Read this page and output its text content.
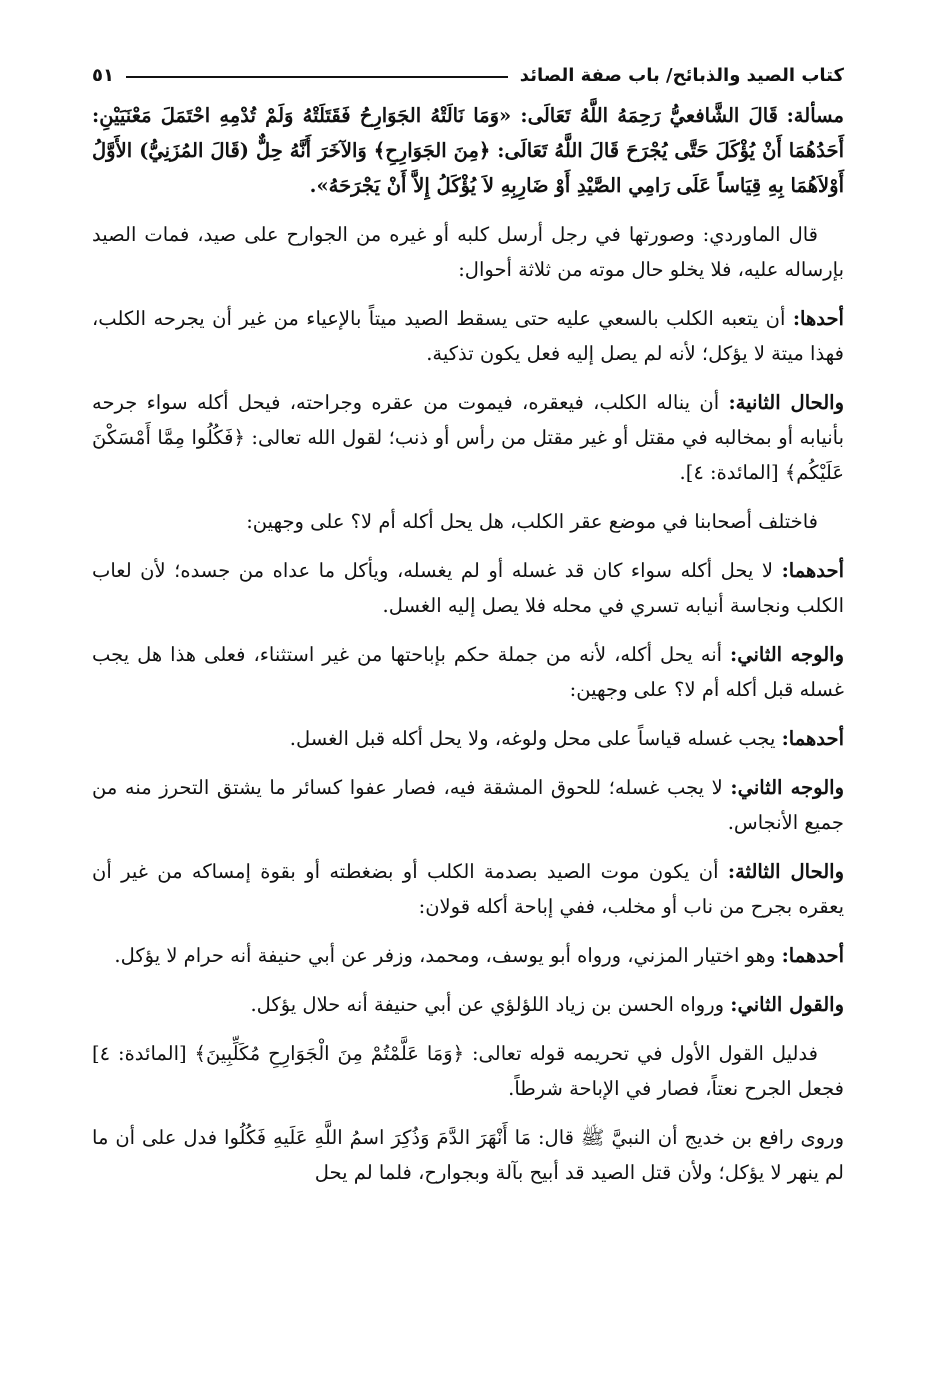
كتاب الصيد والذبائح/ باب صفة الصائد
٥١

مسألة: قَالَ الشَّافعيُّ رَحِمَهُ اللَّهُ تَعَالَى: «وَمَا نَالَتْهُ الجَوَارِحُ فَقَتَلَتْهُ وَلَمْ تُدْمِهِ احْتَمَلَ مَعْنَيَيْنِ: أَحَدُهُمَا أَنْ يُؤْكَلَ حَتَّى يُجْرَحَ قَالَ اللَّهُ تَعَالَى: ﴿مِنَ الجَوَارِحِ﴾ وَالآخَرَ أَنَّهُ حِلٌّ (قَالَ المُزَنِيُّ) الأَوَّلُ أَوْلاَهُمَا بِهِ قِيَاساً عَلَى رَامِي الصَّيْدِ أَوْ ضَارِبِهِ لاَ يُؤْكَلُ إِلاَّ أَنْ يَجْرَحَهُ».

قال الماوردي: وصورتها في رجل أرسل كلبه أو غيره من الجوارح على صيد، فمات الصيد بإرساله عليه، فلا يخلو حال موته من ثلاثة أحوال:

أحدها: أن يتعبه الكلب بالسعي عليه حتى يسقط الصيد ميتاً بالإعياء من غير أن يجرحه الكلب، فهذا ميتة لا يؤكل؛ لأنه لم يصل إليه فعل يكون تذكية.

والحال الثانية: أن يناله الكلب، فيعقره، فيموت من عقره وجراحته، فيحل أكله سواء جرحه بأنيابه أو بمخالبه في مقتل أو غير مقتل من رأس أو ذنب؛ لقول الله تعالى: ﴿فَكُلُوا مِمَّا أَمْسَكْنَ عَلَيْكُم﴾ [المائدة: ٤].

فاختلف أصحابنا في موضع عقر الكلب، هل يحل أكله أم لا؟ على وجهين:

أحدهما: لا يحل أكله سواء كان قد غسله أو لم يغسله، ويأكل ما عداه من جسده؛ لأن لعاب الكلب ونجاسة أنيابه تسري في محله فلا يصل إليه الغسل.

والوجه الثاني: أنه يحل أكله، لأنه من جملة حكم بإباحتها من غير استثناء، فعلى هذا هل يجب غسله قبل أكله أم لا؟ على وجهين:

أحدهما: يجب غسله قياساً على محل ولوغه، ولا يحل أكله قبل الغسل.

والوجه الثاني: لا يجب غسله؛ للحوق المشقة فيه، فصار عفوا كسائر ما يشتق التحرز منه من جميع الأنجاس.

والحال الثالثة: أن يكون موت الصيد بصدمة الكلب أو بضغطته أو بقوة إمساكه من غير أن يعقره بجرح من ناب أو مخلب، ففي إباحة أكله قولان:

أحدهما: وهو اختيار المزني، ورواه أبو يوسف، ومحمد، وزفر عن أبي حنيفة أنه حرام لا يؤكل.

والقول الثاني: ورواه الحسن بن زياد اللؤلؤي عن أبي حنيفة أنه حلال يؤكل.

فدليل القول الأول في تحريمه قوله تعالى: ﴿وَمَا عَلَّمْتُمْ مِنَ الْجَوَارِحِ مُكَلِّبِينَ﴾ [المائدة: ٤] فجعل الجرح نعتاً، فصار في الإباحة شرطاً.

وروى رافع بن خديج أن النبيَّ ﷺ قال: مَا أَنْهَرَ الدَّمَ وَذُكِرَ اسمُ اللَّهِ عَلَيهِ فَكُلُوا فدل على أن ما لم ينهر لا يؤكل؛ ولأن قتل الصيد قد أبيح بآلة وبجوارح، فلما لم يحل
